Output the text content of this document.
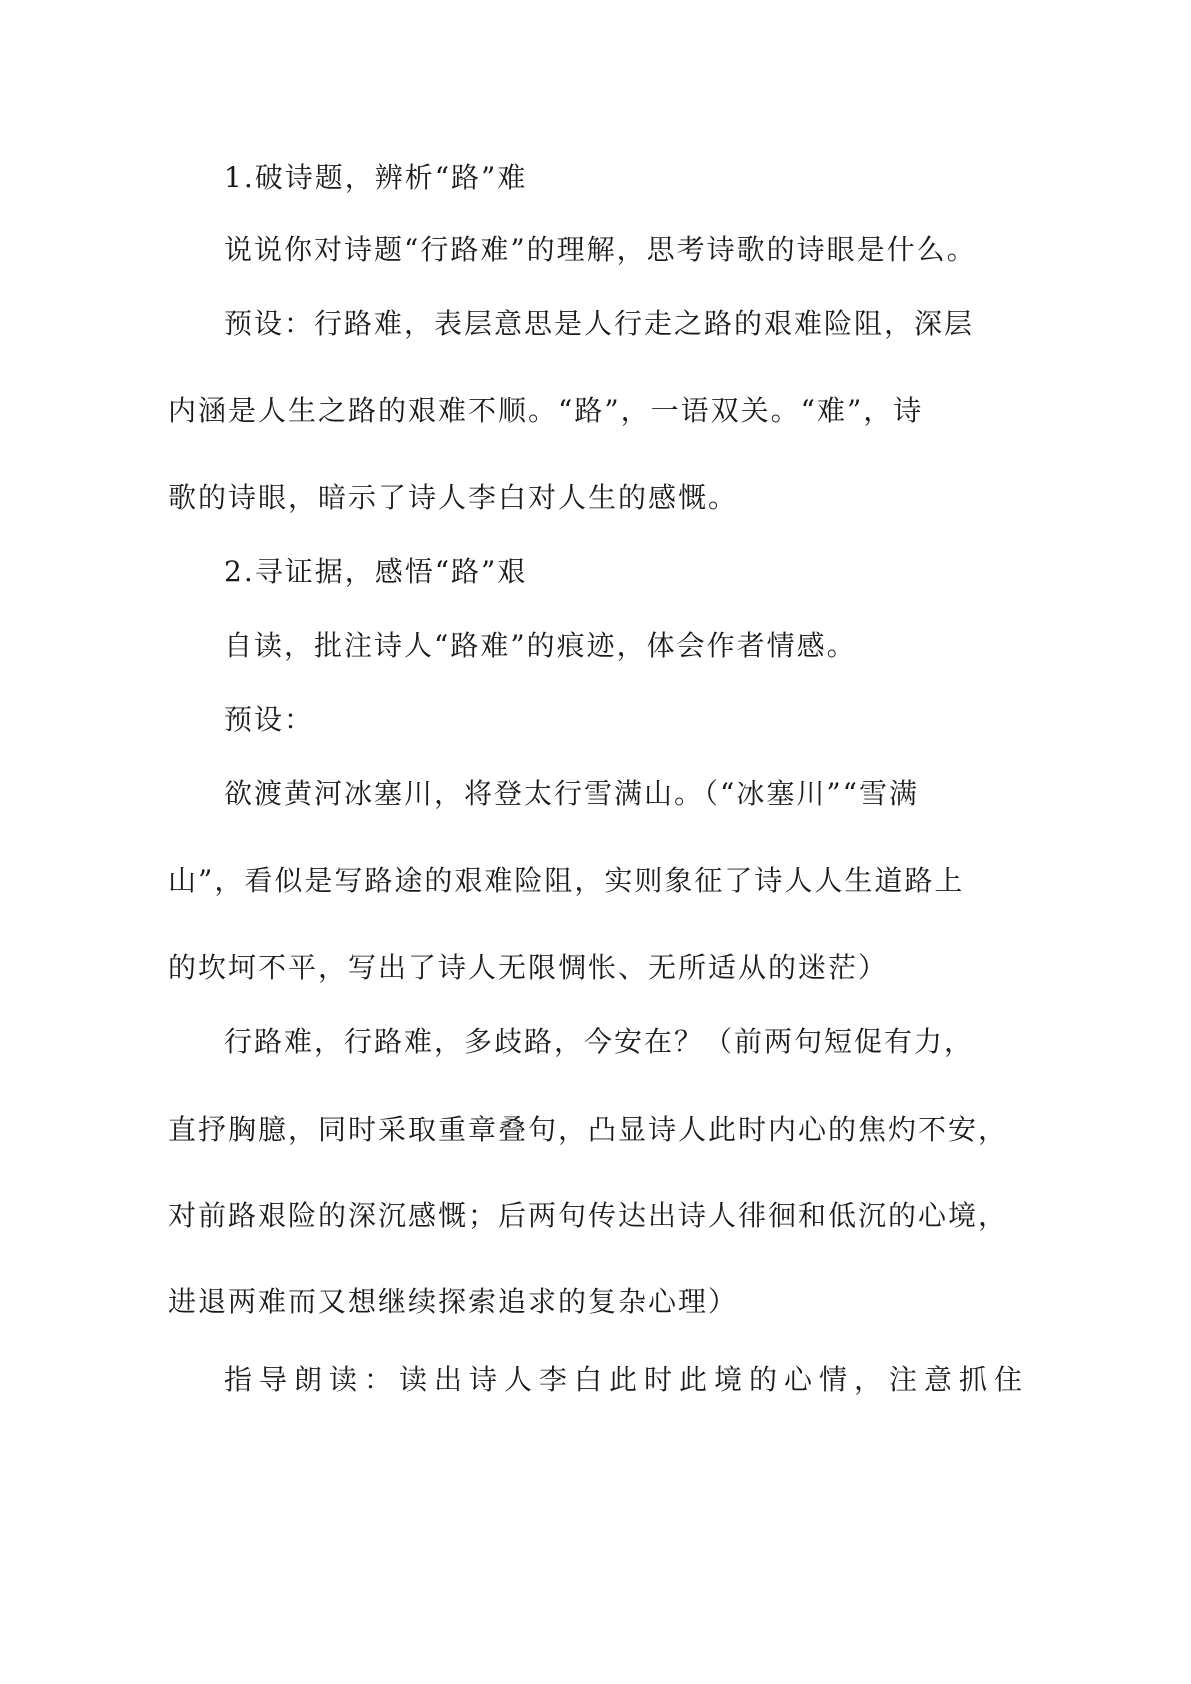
1.破诗题，辨析“路”难

说说你对诗题“行路难”的理解，思考诗歌的诗眼是什么。

预设：行路难，表层意思是人行走之路的艰难险阻，深层

内涵是人生之路的艰难不顺。“路”，一语双关。“难”，诗

歌的诗眼，暗示了诗人李白对人生的感慨。

2.寻证据，感悟“路”艰

自读，批注诗人“路难”的痕迹，体会作者情感。

预设：

欲渡黄河冰塞川，将登太行雪满山。（“冰塞川”“雪满

山”，看似是写路途的艰难险阻，实则象征了诗人人生道路上

的坎坷不平，写出了诗人无限惆怅、无所适从的迷茫）

行路难，行路难，多歧路，今安在？（前两句短促有力，

直抒胸臆，同时采取重章叠句，凸显诗人此时内心的焦灼不安，

对前路艰险的深沉感慨；后两句传达出诗人徘徊和低沉的心境，

进退两难而又想继续探索追求的复杂心理）

指导朗读：读出诗人李白此时此境的心情，注意抓住
